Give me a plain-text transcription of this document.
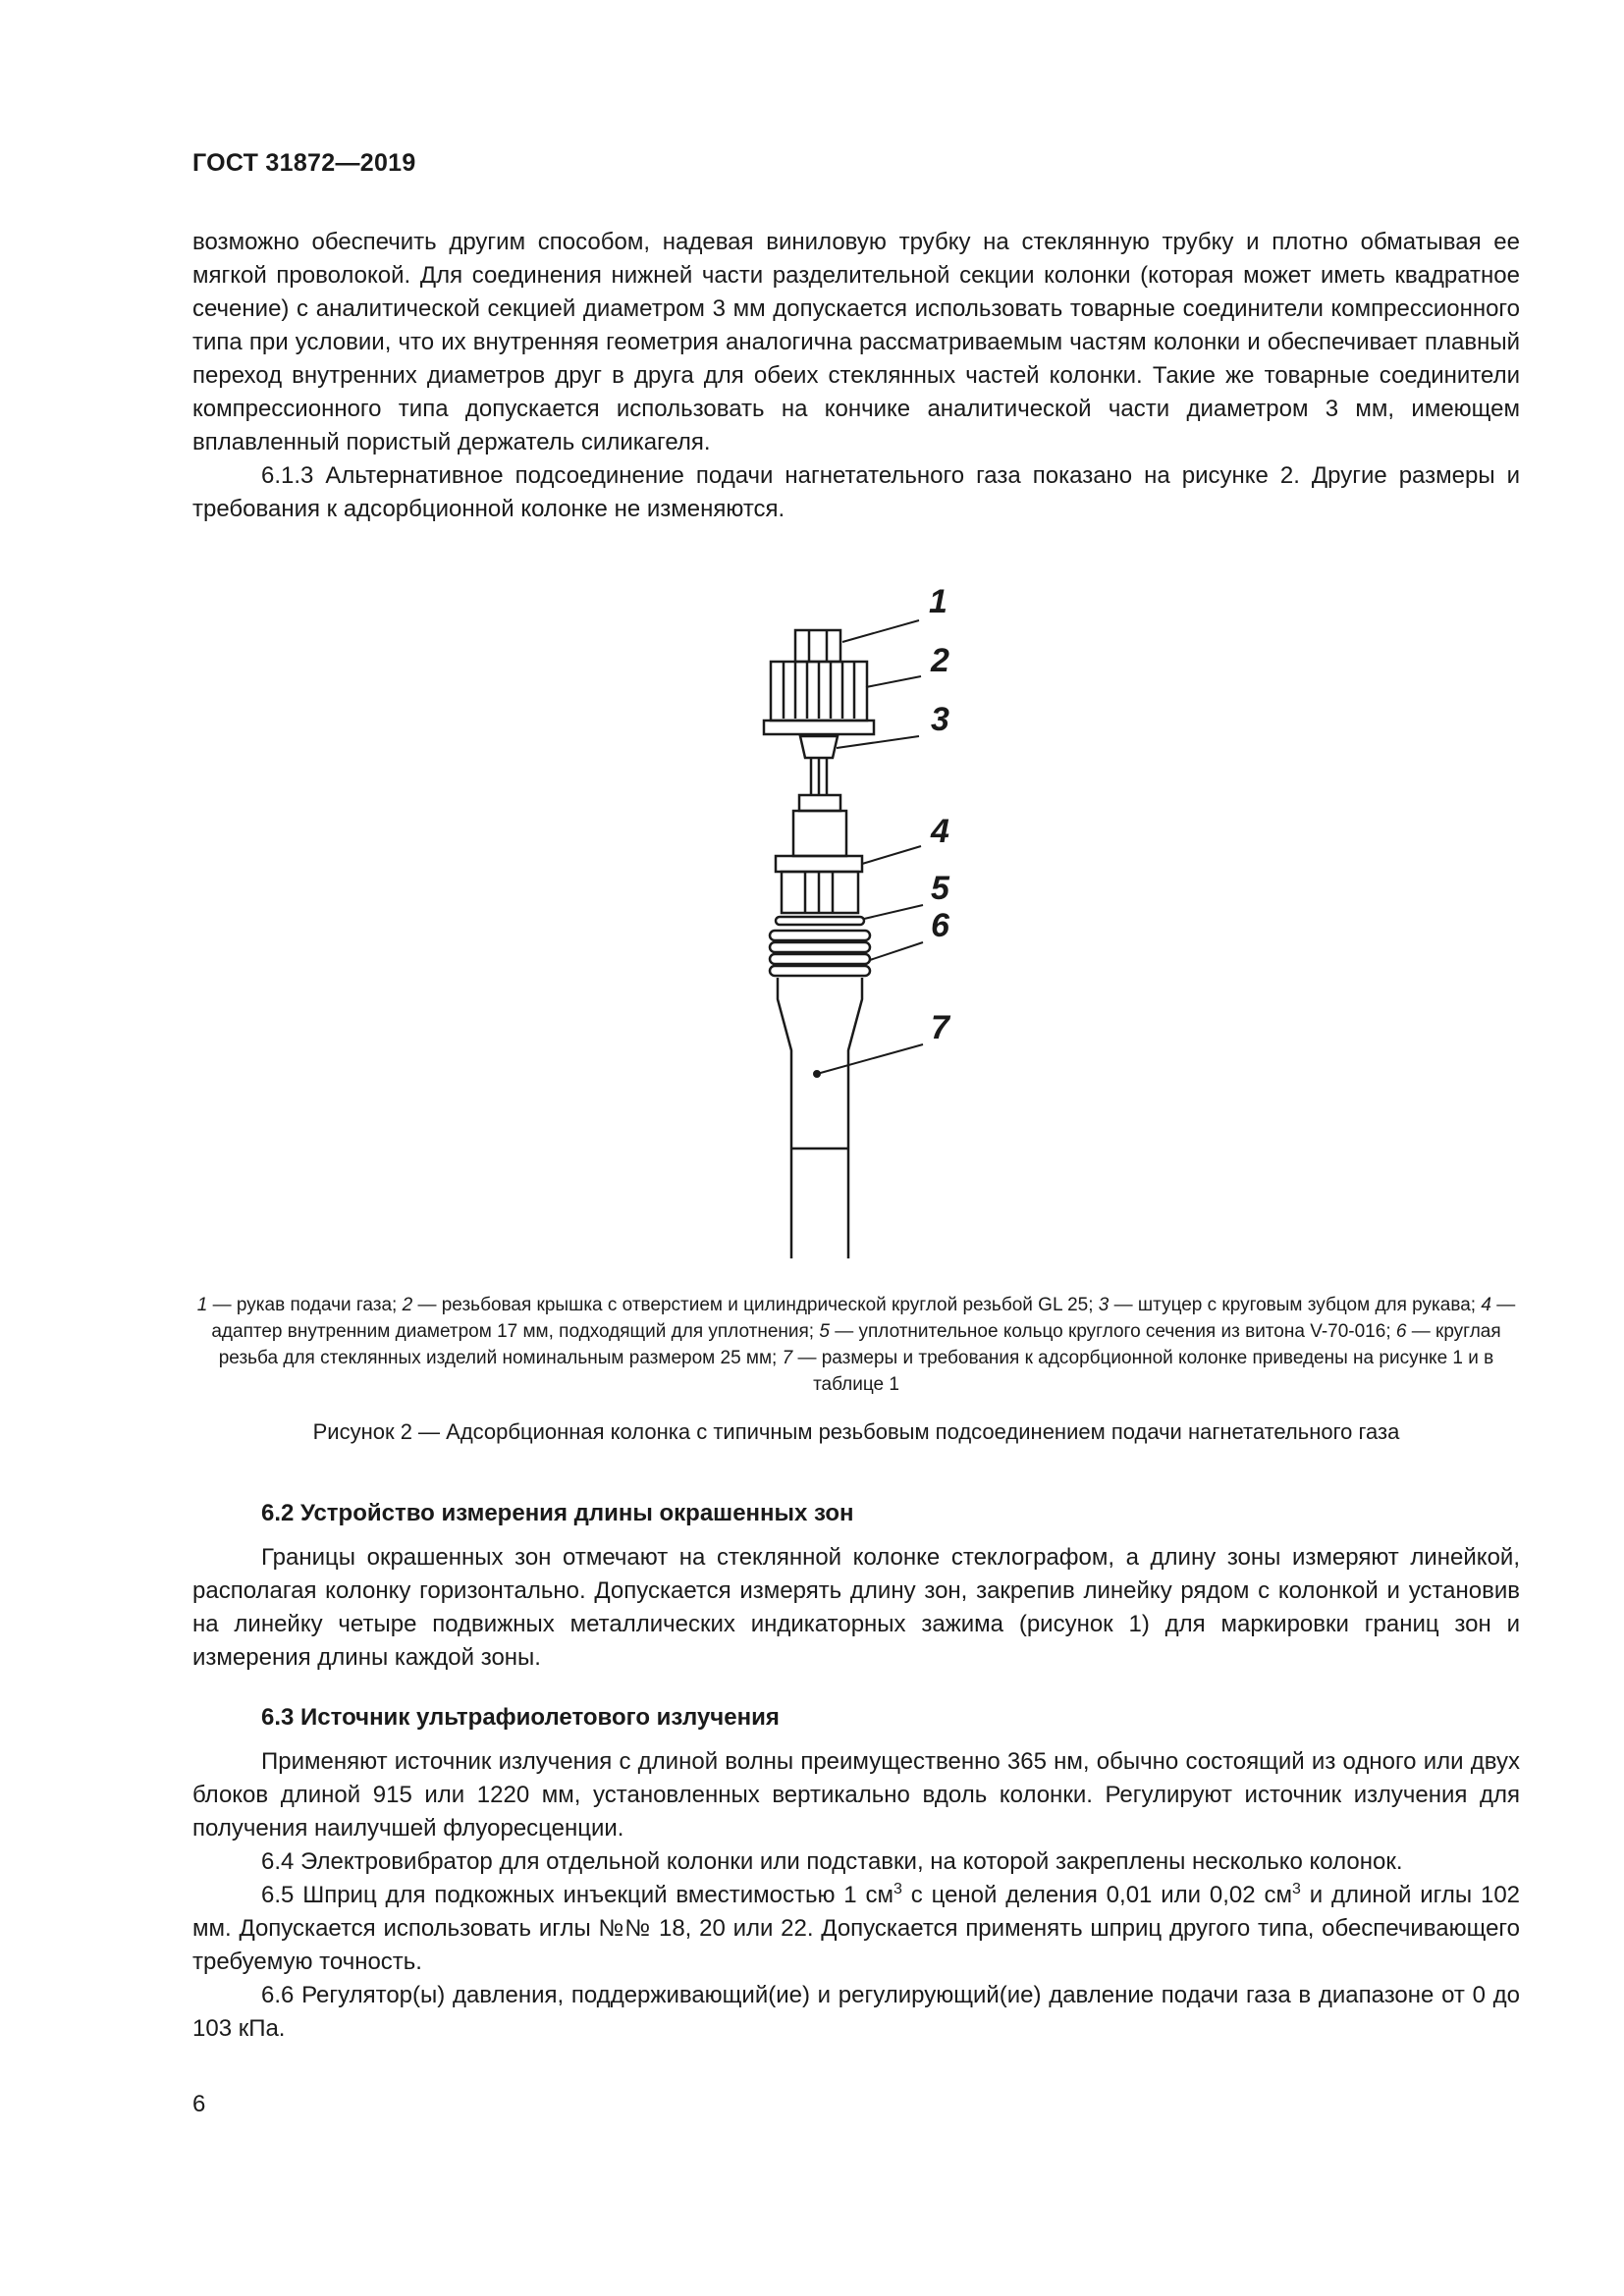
ГОСТ 31872—2019

возможно обеспечить другим способом, надевая виниловую трубку на стеклянную трубку и плотно обматывая ее мягкой проволокой. Для соединения нижней части разделительной секции колонки (которая может иметь квадратное сечение) с аналитической секцией диаметром 3 мм допускается использовать товарные соединители компрессионного типа при условии, что их внутренняя геометрия аналогична рассматриваемым частям колонки и обеспечивает плавный переход внутренних диаметров друг в друга для обеих стеклянных частей колонки. Такие же товарные соединители компрессионного типа допускается использовать на кончике аналитической части диаметром 3 мм, имеющем вплавленный пористый держатель силикагеля.

6.1.3 Альтернативное подсоединение подачи нагнетательного газа показано на рисунке 2. Другие размеры и требования к адсорбционной колонке не изменяются.

1
2
3
4
5
6
7
1 — рукав подачи газа; 2 — резьбовая крышка с отверстием и цилиндрической круглой резьбой GL 25; 3 — штуцер с круговым зубцом для рукава; 4 — адаптер внутренним диаметром 17 мм, подходящий для уплотнения; 5 — уплотнительное кольцо круглого сечения из витона V-70-016; 6 — круглая резьба для стеклянных изделий номинальным размером 25 мм; 7 — размеры и требования к адсорбционной колонке приведены на рисунке 1 и в таблице 1
Рисунок 2 — Адсорбционная колонка с типичным резьбовым подсоединением подачи нагнетательного газа
6.2 Устройство измерения длины окрашенных зон

Границы окрашенных зон отмечают на стеклянной колонке стеклографом, а длину зоны измеряют линейкой, располагая колонку горизонтально. Допускается измерять длину зон, закрепив линейку рядом с колонкой и установив на линейку четыре подвижных металлических индикаторных зажима (рисунок 1) для маркировки границ зон и измерения длины каждой зоны.

6.3 Источник ультрафиолетового излучения

Применяют источник излучения с длиной волны преимущественно 365 нм, обычно состоящий из одного или двух блоков длиной 915 или 1220 мм, установленных вертикально вдоль колонки. Регулируют источник излучения для получения наилучшей флуоресценции.

6.4 Электровибратор для отдельной колонки или подставки, на которой закреплены несколько колонок.

6.5 Шприц для подкожных инъекций вместимостью 1 $см^3$ с ценой деления 0,01 или 0,02 $см^3$ и длиной иглы 102 мм. Допускается использовать иглы №№ 18, 20 или 22. Допускается применять шприц другого типа, обеспечивающего требуемую точность.

6.6 Регулятор(ы) давления, поддерживающий(ие) и регулирующий(ие) давление подачи газа в диапазоне от 0 до 103 кПа.

6
